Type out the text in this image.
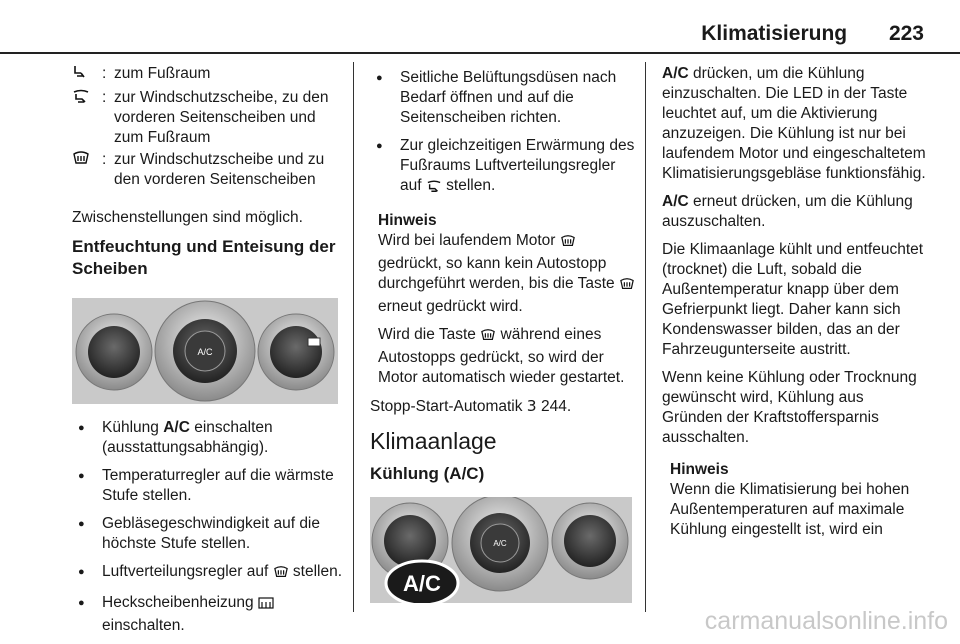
Klimatisierung 223
: zum Fußraum
: zur Windschutzscheibe, zu den vorderen Seitenscheiben und zum Fußraum
: zur Windschutzscheibe und zu den vorderen Seitenscheiben

Zwischenstellungen sind möglich.

Entfeuchtung und Enteisung der Scheiben
A/C
● Kühlung A/C einschalten (ausstattungsabhängig).
● Temperaturregler auf die wärmste Stufe stellen.
● Gebläsegeschwindigkeit auf die höchste Stufe stellen.
● Luftverteilungsregler auf  stellen.
● Heckscheibenheizung  einschalten.
● Seitliche Belüftungsdüsen nach Bedarf öffnen und auf die Seitenscheiben richten.
● Zur gleichzeitigen Erwärmung des Fußraums Luftverteilungsregler auf  stellen.
Hinweis

Wird bei laufendem Motor  gedrückt, so kann kein Autostopp durchgeführt werden, bis die Taste  erneut gedrückt wird.

Wird die Taste  während eines Autostopps gedrückt, so wird der Motor automatisch wieder gestartet.

Stopp-Start-Automatik 3 244.

Klimaanlage
Kühlung (A/C)
A/C
A/C

A/C drücken, um die Kühlung einzuschalten. Die LED in der Taste leuchtet auf, um die Aktivierung anzuzeigen. Die Kühlung ist nur bei laufendem Motor und eingeschaltetem Klimatisierungsgebläse funktionsfähig.

A/C erneut drücken, um die Kühlung auszuschalten.

Die Klimaanlage kühlt und entfeuchtet (trocknet) die Luft, sobald die Außentemperatur knapp über dem Gefrierpunkt liegt. Daher kann sich Kondenswasser bilden, das an der Fahrzeugunterseite austritt.

Wenn keine Kühlung oder Trocknung gewünscht wird, Kühlung aus Gründen der Kraftstoffersparnis ausschalten.

Hinweis

Wenn die Klimatisierung bei hohen Außentemperaturen auf maximale Kühlung eingestellt ist, wird ein

carmanualsonline.info
